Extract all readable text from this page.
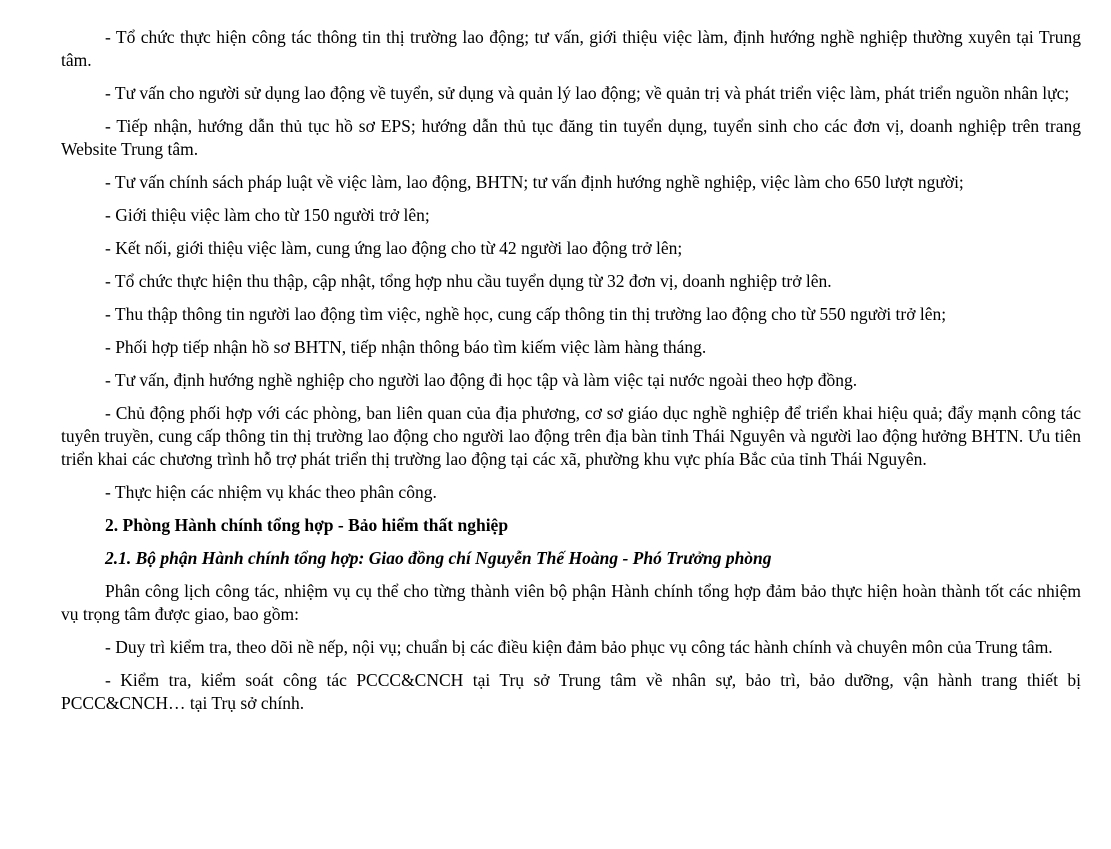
- Tổ chức thực hiện công tác thông tin thị trường lao động; tư vấn, giới thiệu việc làm, định hướng nghề nghiệp thường xuyên tại Trung tâm.

- Tư vấn cho người sử dụng lao động về tuyển, sử dụng và quản lý lao động; về quản trị và phát triển việc làm, phát triển nguồn nhân lực;

- Tiếp nhận, hướng dẫn thủ tục hồ sơ EPS; hướng dẫn thủ tục đăng tin tuyển dụng, tuyển sinh cho các đơn vị, doanh nghiệp trên trang Website Trung tâm.

- Tư vấn chính sách pháp luật về việc làm, lao động, BHTN; tư vấn định hướng nghề nghiệp, việc làm cho 650 lượt người;

- Giới thiệu việc làm cho từ 150 người trở lên;

- Kết nối, giới thiệu việc làm, cung ứng lao động cho từ 42 người lao động trở lên;

- Tổ chức thực hiện thu thập, cập nhật, tổng hợp nhu cầu tuyển dụng từ 32 đơn vị, doanh nghiệp trở lên.

- Thu thập thông tin người lao động tìm việc, nghề học, cung cấp thông tin thị trường lao động cho từ 550 người trở lên;

- Phối hợp tiếp nhận hồ sơ BHTN, tiếp nhận thông báo tìm kiếm việc làm hàng tháng.

- Tư vấn, định hướng nghề nghiệp cho người lao động đi học tập và làm việc tại nước ngoài theo hợp đồng.

- Chủ động phối hợp với các phòng, ban liên quan của địa phương, cơ sơ giáo dục nghề nghiệp để triển khai hiệu quả; đẩy mạnh công tác tuyên truyền, cung cấp thông tin thị trường lao động cho người lao động trên địa bàn tỉnh Thái Nguyên và người lao động hưởng BHTN. Ưu tiên triển khai các chương trình hỗ trợ phát triển thị trường lao động tại các xã, phường khu vực phía Bắc của tỉnh Thái Nguyên.

- Thực hiện các nhiệm vụ khác theo phân công.

2. Phòng Hành chính tổng hợp - Bảo hiểm thất nghiệp

2.1. Bộ phận Hành chính tổng hợp: Giao đồng chí Nguyễn Thế Hoàng - Phó Trưởng phòng

Phân công lịch công tác, nhiệm vụ cụ thể cho từng thành viên bộ phận Hành chính tổng hợp đảm bảo thực hiện hoàn thành tốt các nhiệm vụ trọng tâm được giao, bao gồm:

- Duy trì kiểm tra, theo dõi nề nếp, nội vụ; chuẩn bị các điều kiện đảm bảo phục vụ công tác hành chính và chuyên môn của Trung tâm.

- Kiểm tra, kiểm soát công tác PCCC&CNCH tại Trụ sở Trung tâm về nhân sự, bảo trì, bảo dưỡng, vận hành trang thiết bị PCCC&CNCH… tại Trụ sở chính.
